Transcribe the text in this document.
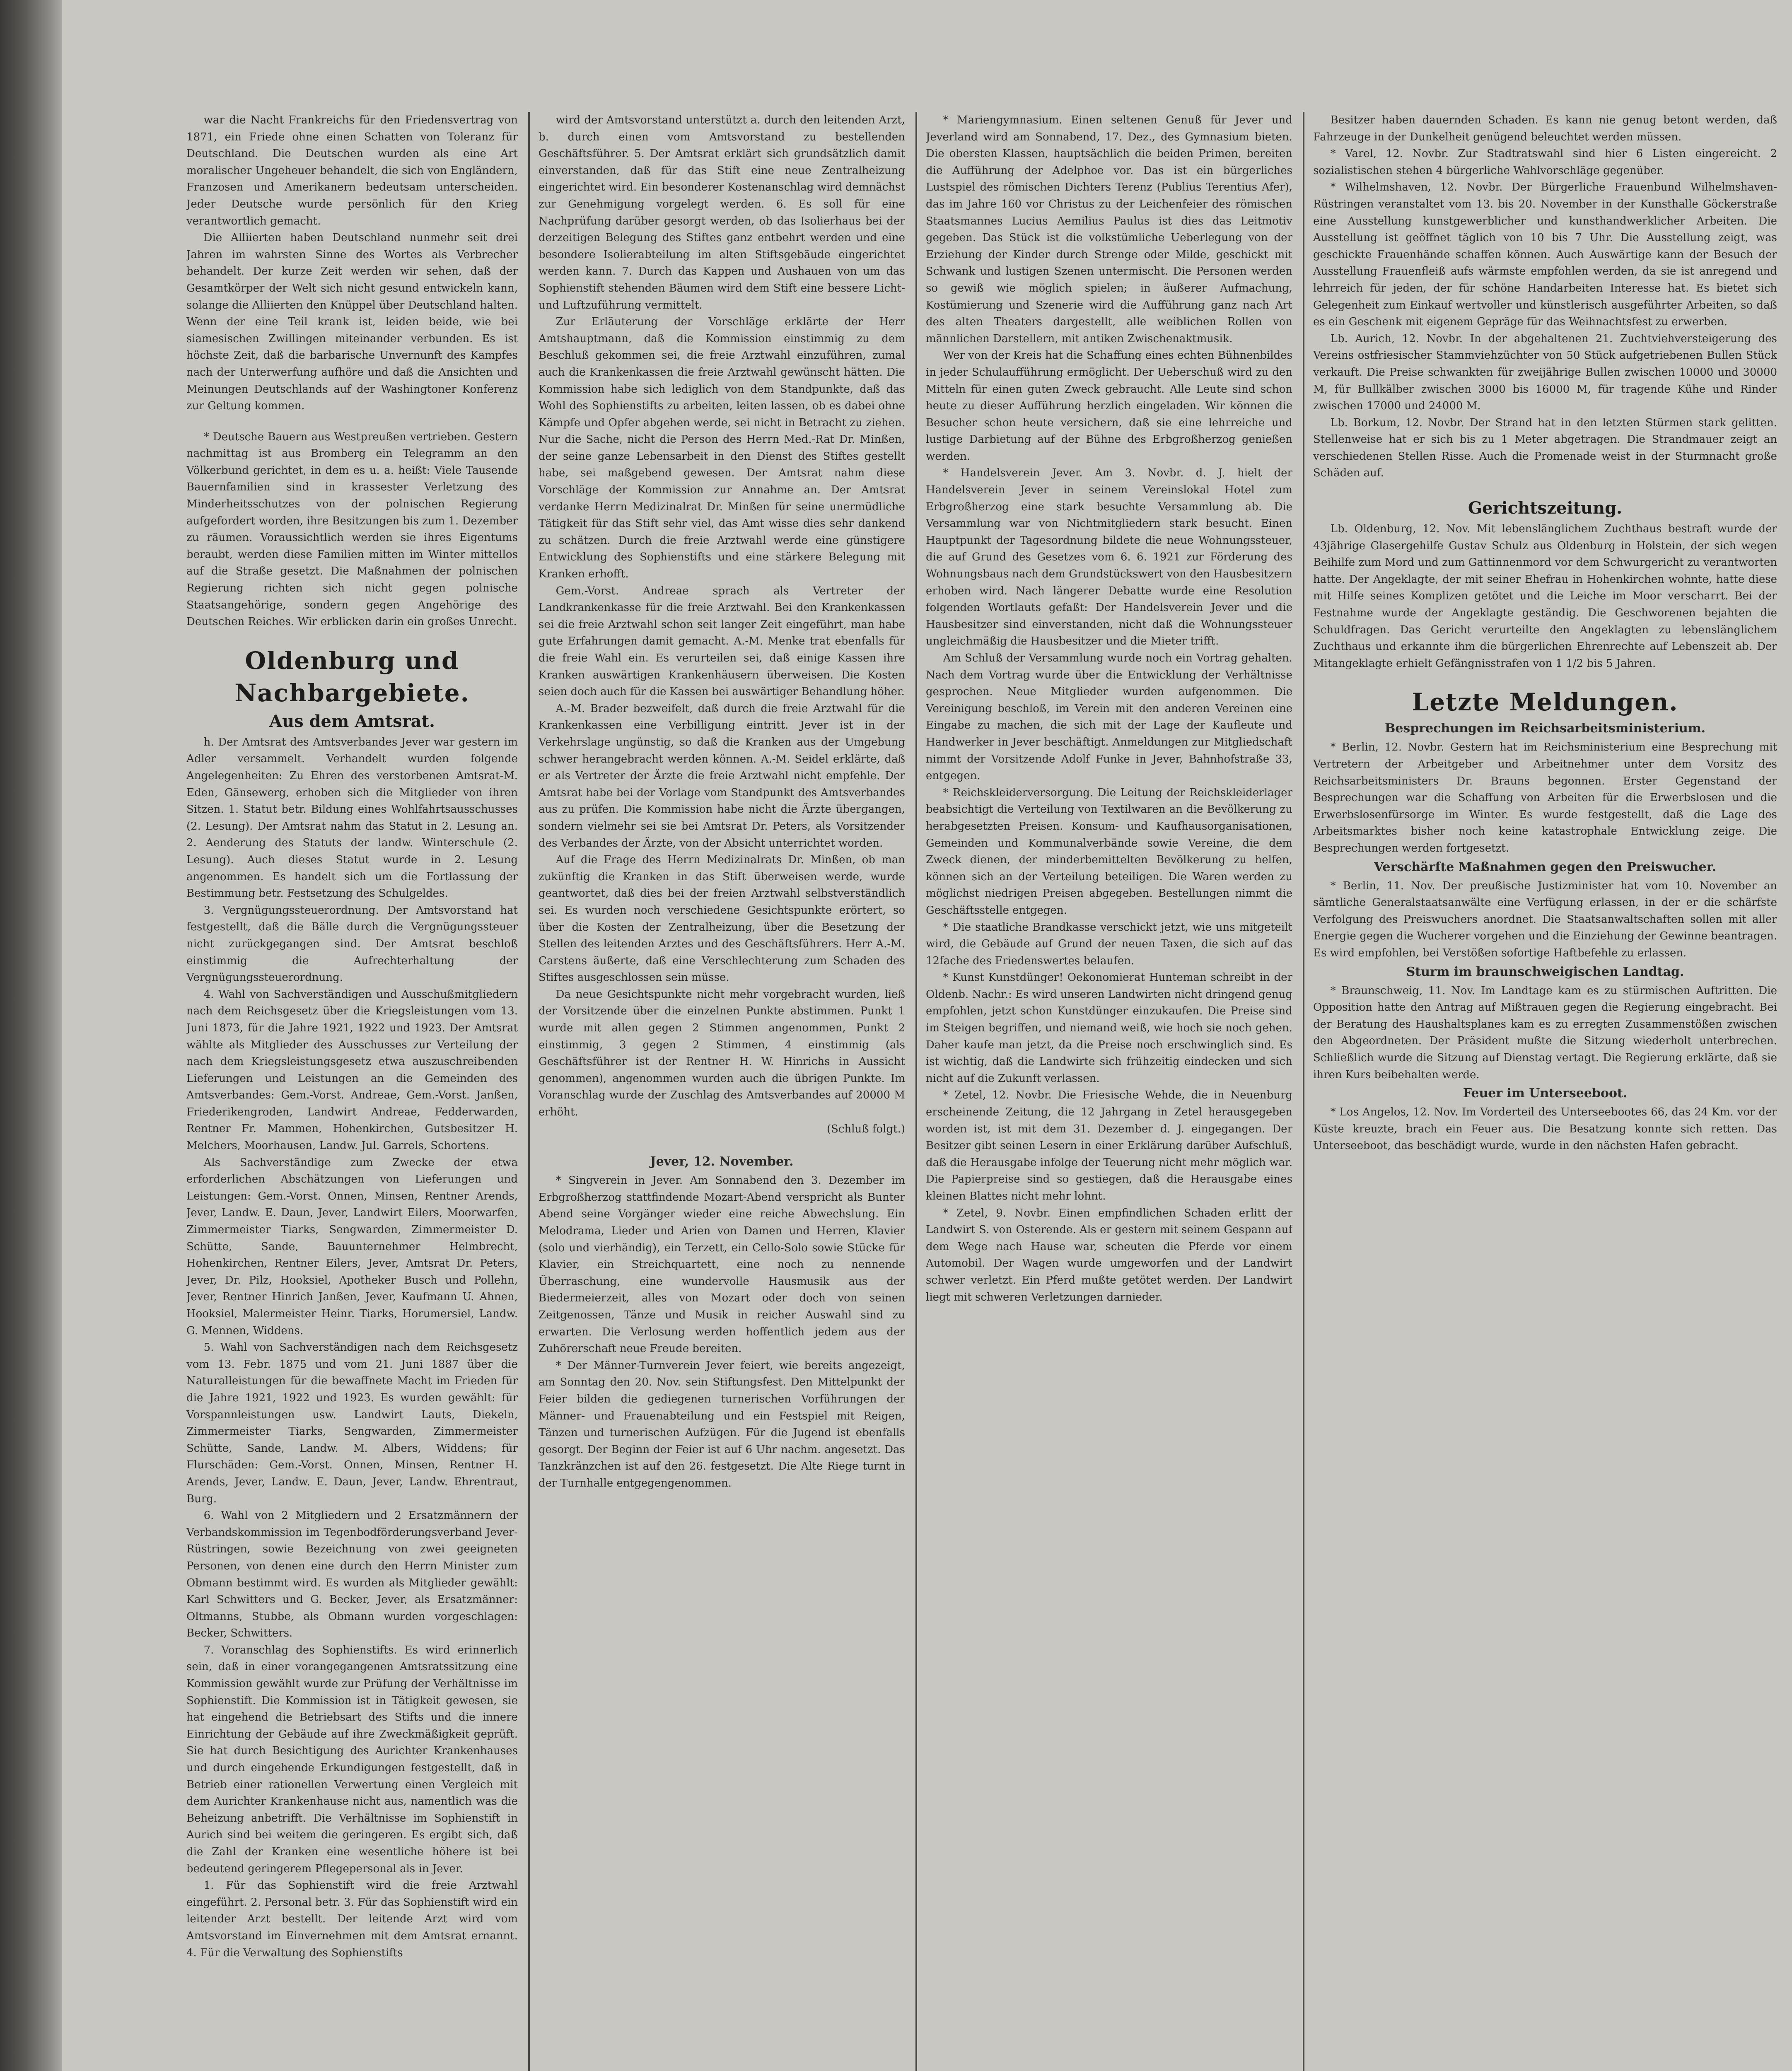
war die Nacht Frankreichs für den Friedensvertrag von 1871, ein Friede ohne einen Schatten von Toleranz für Deutschland. Die Deutschen wurden als eine Art moralischer Ungeheuer behandelt, die sich von Engländern, Franzosen und Amerikanern bedeutsam unterscheiden. Jeder Deutsche wurde persönlich für den Krieg verantwortlich gemacht.

Die Alliierten haben Deutschland nunmehr seit drei Jahren im wahrsten Sinne des Wortes als Verbrecher behandelt. Der kurze Zeit werden wir sehen, daß der Gesamtkörper der Welt sich nicht gesund entwickeln kann, solange die Alliierten den Knüppel über Deutschland halten. Wenn der eine Teil krank ist, leiden beide, wie bei siamesischen Zwillingen miteinander verbunden. Es ist höchste Zeit, daß die barbarische Unvernunft des Kampfes nach der Unterwerfung aufhöre und daß die Ansichten und Meinungen Deutschlands auf der Washingtoner Konferenz zur Geltung kommen.

* Deutsche Bauern aus Westpreußen vertrieben. Gestern nachmittag ist aus Bromberg ein Telegramm an den Völkerbund gerichtet, in dem es u. a. heißt: Viele Tausende Bauernfamilien sind in krassester Verletzung des Minderheitsschutzes von der polnischen Regierung aufgefordert worden, ihre Besitzungen bis zum 1. Dezember zu räumen. Voraussichtlich werden sie ihres Eigentums beraubt, werden diese Familien mitten im Winter mittellos auf die Straße gesetzt. Die Maßnahmen der polnischen Regierung richten sich nicht gegen polnische Staatsangehörige, sondern gegen Angehörige des Deutschen Reiches. Wir erblicken darin ein großes Unrecht.

Oldenburg und Nachbargebiete.
Aus dem Amtsrat.

h. Der Amtsrat des Amtsverbandes Jever war gestern im Adler versammelt. Verhandelt wurden folgende Angelegenheiten: Zu Ehren des verstorbenen Amtsrat-M. Eden, Gänsewerg, erhoben sich die Mitglieder von ihren Sitzen. 1. Statut betr. Bildung eines Wohlfahrtsausschusses (2. Lesung). Der Amtsrat nahm das Statut in 2. Lesung an. 2. Aenderung des Statuts der landw. Winterschule (2. Lesung). Auch dieses Statut wurde in 2. Lesung angenommen. Es handelt sich um die Fortlassung der Bestimmung betr. Festsetzung des Schulgeldes.

3. Vergnügungssteuerordnung. Der Amtsvorstand hat festgestellt, daß die Bälle durch die Vergnügungssteuer nicht zurückgegangen sind. Der Amtsrat beschloß einstimmig die Aufrechterhaltung der Vergnügungssteuerordnung.

4. Wahl von Sachverständigen und Ausschußmitgliedern nach dem Reichsgesetz über die Kriegsleistungen vom 13. Juni 1873, für die Jahre 1921, 1922 und 1923. Der Amtsrat wählte als Mitglieder des Ausschusses zur Verteilung der nach dem Kriegsleistungsgesetz etwa auszuschreibenden Lieferungen und Leistungen an die Gemeinden des Amtsverbandes: Gem.-Vorst. Andreae, Gem.-Vorst. Janßen, Friederikengroden, Landwirt Andreae, Fedderwarden, Rentner Fr. Mammen, Hohenkirchen, Gutsbesitzer H. Melchers, Moorhausen, Landw. Jul. Garrels, Schortens.

Als Sachverständige zum Zwecke der etwa erforderlichen Abschätzungen von Lieferungen und Leistungen: Gem.-Vorst. Onnen, Minsen, Rentner Arends, Jever, Landw. E. Daun, Jever, Landwirt Eilers, Moorwarfen, Zimmermeister Tiarks, Sengwarden, Zimmermeister D. Schütte, Sande, Bauunternehmer Helmbrecht, Hohenkirchen, Rentner Eilers, Jever, Amtsrat Dr. Peters, Jever, Dr. Pilz, Hooksiel, Apotheker Busch und Pollehn, Jever, Rentner Hinrich Janßen, Jever, Kaufmann U. Ahnen, Hooksiel, Malermeister Heinr. Tiarks, Horumersiel, Landw. G. Mennen, Widdens.

5. Wahl von Sachverständigen nach dem Reichsgesetz vom 13. Febr. 1875 und vom 21. Juni 1887 über die Naturalleistungen für die bewaffnete Macht im Frieden für die Jahre 1921, 1922 und 1923. Es wurden gewählt: für Vorspannleistungen usw. Landwirt Lauts, Diekeln, Zimmermeister Tiarks, Sengwarden, Zimmermeister Schütte, Sande, Landw. M. Albers, Widdens; für Flurschäden: Gem.-Vorst. Onnen, Minsen, Rentner H. Arends, Jever, Landw. E. Daun, Jever, Landw. Ehrentraut, Burg.

6. Wahl von 2 Mitgliedern und 2 Ersatzmännern der Verbandskommission im Tegenbodförderungsverband Jever-Rüstringen, sowie Bezeichnung von zwei geeigneten Personen, von denen eine durch den Herrn Minister zum Obmann bestimmt wird. Es wurden als Mitglieder gewählt: Karl Schwitters und G. Becker, Jever, als Ersatzmänner: Oltmanns, Stubbe, als Obmann wurden vorgeschlagen: Becker, Schwitters.

7. Voranschlag des Sophienstifts. Es wird erinnerlich sein, daß in einer vorangegangenen Amtsratssitzung eine Kommission gewählt wurde zur Prüfung der Verhältnisse im Sophienstift. Die Kommission ist in Tätigkeit gewesen, sie hat eingehend die Betriebsart des Stifts und die innere Einrichtung der Gebäude auf ihre Zweckmäßigkeit geprüft. Sie hat durch Besichtigung des Aurichter Krankenhauses und durch eingehende Erkundigungen festgestellt, daß in Betrieb einer rationellen Verwertung einen Vergleich mit dem Aurichter Krankenhause nicht aus, namentlich was die Beheizung anbetrifft. Die Verhältnisse im Sophienstift in Aurich sind bei weitem die geringeren. Es ergibt sich, daß die Zahl der Kranken eine wesentliche höhere ist bei bedeutend geringerem Pflegepersonal als in Jever.

1. Für das Sophienstift wird die freie Arztwahl eingeführt. 2. Personal betr. 3. Für das Sophienstift wird ein leitender Arzt bestellt. Der leitende Arzt wird vom Amtsvorstand im Einvernehmen mit dem Amtsrat ernannt. 4. Für die Verwaltung des Sophienstifts

wird der Amtsvorstand unterstützt a. durch den leitenden Arzt, b. durch einen vom Amtsvorstand zu bestellenden Geschäftsführer. 5. Der Amtsrat erklärt sich grundsätzlich damit einverstanden, daß für das Stift eine neue Zentralheizung eingerichtet wird. Ein besonderer Kostenanschlag wird demnächst zur Genehmigung vorgelegt werden. 6. Es soll für eine Nachprüfung darüber gesorgt werden, ob das Isolierhaus bei der derzeitigen Belegung des Stiftes ganz entbehrt werden und eine besondere Isolierabteilung im alten Stiftsgebäude eingerichtet werden kann. 7. Durch das Kappen und Aushauen von um das Sophienstift stehenden Bäumen wird dem Stift eine bessere Licht- und Luftzuführung vermittelt.

Zur Erläuterung der Vorschläge erklärte der Herr Amtshauptmann, daß die Kommission einstimmig zu dem Beschluß gekommen sei, die freie Arztwahl einzuführen, zumal auch die Krankenkassen die freie Arztwahl gewünscht hätten. Die Kommission habe sich lediglich von dem Standpunkte, daß das Wohl des Sophienstifts zu arbeiten, leiten lassen, ob es dabei ohne Kämpfe und Opfer abgehen werde, sei nicht in Betracht zu ziehen. Nur die Sache, nicht die Person des Herrn Med.-Rat Dr. Minßen, der seine ganze Lebensarbeit in den Dienst des Stiftes gestellt habe, sei maßgebend gewesen. Der Amtsrat nahm diese Vorschläge der Kommission zur Annahme an. Der Amtsrat verdanke Herrn Medizinalrat Dr. Minßen für seine unermüdliche Tätigkeit für das Stift sehr viel, das Amt wisse dies sehr dankend zu schätzen. Durch die freie Arztwahl werde eine günstigere Entwicklung des Sophienstifts und eine stärkere Belegung mit Kranken erhofft.

Gem.-Vorst. Andreae sprach als Vertreter der Landkrankenkasse für die freie Arztwahl. Bei den Krankenkassen sei die freie Arztwahl schon seit langer Zeit eingeführt, man habe gute Erfahrungen damit gemacht. A.-M. Menke trat ebenfalls für die freie Wahl ein. Es verurteilen sei, daß einige Kassen ihre Kranken auswärtigen Krankenhäusern überweisen. Die Kosten seien doch auch für die Kassen bei auswärtiger Behandlung höher.

A.-M. Brader bezweifelt, daß durch die freie Arztwahl für die Krankenkassen eine Verbilligung eintritt. Jever ist in der Verkehrslage ungünstig, so daß die Kranken aus der Umgebung schwer herangebracht werden können. A.-M. Seidel erklärte, daß er als Vertreter der Ärzte die freie Arztwahl nicht empfehle. Der Amtsrat habe bei der Vorlage vom Standpunkt des Amtsverbandes aus zu prüfen. Die Kommission habe nicht die Ärzte übergangen, sondern vielmehr sei sie bei Amtsrat Dr. Peters, als Vorsitzender des Verbandes der Ärzte, von der Absicht unterrichtet worden.

Auf die Frage des Herrn Medizinalrats Dr. Minßen, ob man zukünftig die Kranken in das Stift überweisen werde, wurde geantwortet, daß dies bei der freien Arztwahl selbstverständlich sei. Es wurden noch verschiedene Gesichtspunkte erörtert, so über die Kosten der Zentralheizung, über die Besetzung der Stellen des leitenden Arztes und des Geschäftsführers. Herr A.-M. Carstens äußerte, daß eine Verschlechterung zum Schaden des Stiftes ausgeschlossen sein müsse.

Da neue Gesichtspunkte nicht mehr vorgebracht wurden, ließ der Vorsitzende über die einzelnen Punkte abstimmen. Punkt 1 wurde mit allen gegen 2 Stimmen angenommen, Punkt 2 einstimmig, 3 gegen 2 Stimmen, 4 einstimmig (als Geschäftsführer ist der Rentner H. W. Hinrichs in Aussicht genommen), angenommen wurden auch die übrigen Punkte. Im Voranschlag wurde der Zuschlag des Amtsverbandes auf 20000 M erhöht.

(Schluß folgt.)
Jever, 12. November.

* Singverein in Jever. Am Sonnabend den 3. Dezember im Erbgroßherzog stattfindende Mozart-Abend verspricht als Bunter Abend seine Vorgänger wieder eine reiche Abwechslung. Ein Melodrama, Lieder und Arien von Damen und Herren, Klavier (solo und vierhändig), ein Terzett, ein Cello-Solo sowie Stücke für Klavier, ein Streichquartett, eine noch zu nennende Überraschung, eine wundervolle Hausmusik aus der Biedermeierzeit, alles von Mozart oder doch von seinen Zeitgenossen, Tänze und Musik in reicher Auswahl sind zu erwarten. Die Verlosung werden hoffentlich jedem aus der Zuhörerschaft neue Freude bereiten.

* Der Männer-Turnverein Jever feiert, wie bereits angezeigt, am Sonntag den 20. Nov. sein Stiftungsfest. Den Mittelpunkt der Feier bilden die gediegenen turnerischen Vorführungen der Männer- und Frauenabteilung und ein Festspiel mit Reigen, Tänzen und turnerischen Aufzügen. Für die Jugend ist ebenfalls gesorgt. Der Beginn der Feier ist auf 6 Uhr nachm. angesetzt. Das Tanzkränzchen ist auf den 26. festgesetzt. Die Alte Riege turnt in der Turnhalle entgegengenommen.

* Mariengymnasium. Einen seltenen Genuß für Jever und Jeverland wird am Sonnabend, 17. Dez., des Gymnasium bieten. Die obersten Klassen, hauptsächlich die beiden Primen, bereiten die Aufführung der Adelphoe vor. Das ist ein bürgerliches Lustspiel des römischen Dichters Terenz (Publius Terentius Afer), das im Jahre 160 vor Christus zu der Leichenfeier des römischen Staatsmannes Lucius Aemilius Paulus ist dies das Leitmotiv gegeben. Das Stück ist die volkstümliche Ueberlegung von der Erziehung der Kinder durch Strenge oder Milde, geschickt mit Schwank und lustigen Szenen untermischt. Die Personen werden so gewiß wie möglich spielen; in äußerer Aufmachung, Kostümierung und Szenerie wird die Aufführung ganz nach Art des alten Theaters dargestellt, alle weiblichen Rollen von männlichen Darstellern, mit antiken Zwischenaktmusik.

Wer von der Kreis hat die Schaffung eines echten Bühnenbildes in jeder Schulaufführung ermöglicht. Der Ueberschuß wird zu den Mitteln für einen guten Zweck gebraucht. Alle Leute sind schon heute zu dieser Aufführung herzlich eingeladen. Wir können die Besucher schon heute versichern, daß sie eine lehrreiche und lustige Darbietung auf der Bühne des Erbgroßherzog genießen werden.

* Handelsverein Jever. Am 3. Novbr. d. J. hielt der Handelsverein Jever in seinem Vereinslokal Hotel zum Erbgroßherzog eine stark besuchte Versammlung ab. Die Versammlung war von Nichtmitgliedern stark besucht. Einen Hauptpunkt der Tagesordnung bildete die neue Wohnungssteuer, die auf Grund des Gesetzes vom 6. 6. 1921 zur Förderung des Wohnungsbaus nach dem Grundstückswert von den Hausbesitzern erhoben wird. Nach längerer Debatte wurde eine Resolution folgenden Wortlauts gefaßt: Der Handelsverein Jever und die Hausbesitzer sind einverstanden, nicht daß die Wohnungssteuer ungleichmäßig die Hausbesitzer und die Mieter trifft.

Am Schluß der Versammlung wurde noch ein Vortrag gehalten. Nach dem Vortrag wurde über die Entwicklung der Verhältnisse gesprochen. Neue Mitglieder wurden aufgenommen. Die Vereinigung beschloß, im Verein mit den anderen Vereinen eine Eingabe zu machen, die sich mit der Lage der Kaufleute und Handwerker in Jever beschäftigt. Anmeldungen zur Mitgliedschaft nimmt der Vorsitzende Adolf Funke in Jever, Bahnhofstraße 33, entgegen.

* Reichskleiderversorgung. Die Leitung der Reichskleiderlager beabsichtigt die Verteilung von Textilwaren an die Bevölkerung zu herabgesetzten Preisen. Konsum- und Kaufhausorganisationen, Gemeinden und Kommunalverbände sowie Vereine, die dem Zweck dienen, der minderbemittelten Bevölkerung zu helfen, können sich an der Verteilung beteiligen. Die Waren werden zu möglichst niedrigen Preisen abgegeben. Bestellungen nimmt die Geschäftsstelle entgegen.

* Die staatliche Brandkasse verschickt jetzt, wie uns mitgeteilt wird, die Gebäude auf Grund der neuen Taxen, die sich auf das 12fache des Friedenswertes belaufen.

* Kunst Kunstdünger! Oekonomierat Hunteman schreibt in der Oldenb. Nachr.: Es wird unseren Landwirten nicht dringend genug empfohlen, jetzt schon Kunstdünger einzukaufen. Die Preise sind im Steigen begriffen, und niemand weiß, wie hoch sie noch gehen. Daher kaufe man jetzt, da die Preise noch erschwinglich sind. Es ist wichtig, daß die Landwirte sich frühzeitig eindecken und sich nicht auf die Zukunft verlassen.

* Zetel, 12. Novbr. Die Friesische Wehde, die in Neuenburg erscheinende Zeitung, die 12 Jahrgang in Zetel herausgegeben worden ist, ist mit dem 31. Dezember d. J. eingegangen. Der Besitzer gibt seinen Lesern in einer Erklärung darüber Aufschluß, daß die Herausgabe infolge der Teuerung nicht mehr möglich war. Die Papierpreise sind so gestiegen, daß die Herausgabe eines kleinen Blattes nicht mehr lohnt.

* Zetel, 9. Novbr. Einen empfindlichen Schaden erlitt der Landwirt S. von Osterende. Als er gestern mit seinem Gespann auf dem Wege nach Hause war, scheuten die Pferde vor einem Automobil. Der Wagen wurde umgeworfen und der Landwirt schwer verletzt. Ein Pferd mußte getötet werden. Der Landwirt liegt mit schweren Verletzungen darnieder.

Besitzer haben dauernden Schaden. Es kann nie genug betont werden, daß Fahrzeuge in der Dunkelheit genügend beleuchtet werden müssen.

* Varel, 12. Novbr. Zur Stadtratswahl sind hier 6 Listen eingereicht. 2 sozialistischen stehen 4 bürgerliche Wahlvorschläge gegenüber.

* Wilhelmshaven, 12. Novbr. Der Bürgerliche Frauenbund Wilhelmshaven-Rüstringen veranstaltet vom 13. bis 20. November in der Kunsthalle Göckerstraße eine Ausstellung kunstgewerblicher und kunsthandwerklicher Arbeiten. Die Ausstellung ist geöffnet täglich von 10 bis 7 Uhr. Die Ausstellung zeigt, was geschickte Frauenhände schaffen können. Auch Auswärtige kann der Besuch der Ausstellung Frauenfleiß aufs wärmste empfohlen werden, da sie ist anregend und lehrreich für jeden, der für schöne Handarbeiten Interesse hat. Es bietet sich Gelegenheit zum Einkauf wertvoller und künstlerisch ausgeführter Arbeiten, so daß es ein Geschenk mit eigenem Gepräge für das Weihnachtsfest zu erwerben.

Lb. Aurich, 12. Novbr. In der abgehaltenen 21. Zuchtviehversteigerung des Vereins ostfriesischer Stammviehzüchter von 50 Stück aufgetriebenen Bullen Stück verkauft. Die Preise schwankten für zweijährige Bullen zwischen 10000 und 30000 M, für Bullkälber zwischen 3000 bis 16000 M, für tragende Kühe und Rinder zwischen 17000 und 24000 M.

Lb. Borkum, 12. Novbr. Der Strand hat in den letzten Stürmen stark gelitten. Stellenweise hat er sich bis zu 1 Meter abgetragen. Die Strandmauer zeigt an verschiedenen Stellen Risse. Auch die Promenade weist in der Sturmnacht große Schäden auf.

Gerichtszeitung.

Lb. Oldenburg, 12. Nov. Mit lebenslänglichem Zuchthaus bestraft wurde der 43jährige Glasergehilfe Gustav Schulz aus Oldenburg in Holstein, der sich wegen Beihilfe zum Mord und zum Gattinnenmord vor dem Schwurgericht zu verantworten hatte. Der Angeklagte, der mit seiner Ehefrau in Hohenkirchen wohnte, hatte diese mit Hilfe seines Komplizen getötet und die Leiche im Moor verscharrt. Bei der Festnahme wurde der Angeklagte geständig. Die Geschworenen bejahten die Schuldfragen. Das Gericht verurteilte den Angeklagten zu lebenslänglichem Zuchthaus und erkannte ihm die bürgerlichen Ehrenrechte auf Lebenszeit ab. Der Mitangeklagte erhielt Gefängnisstrafen von 1 1/2 bis 5 Jahren.

Letzte Meldungen.
Besprechungen im Reichsarbeitsministerium.

* Berlin, 12. Novbr. Gestern hat im Reichsministerium eine Besprechung mit Vertretern der Arbeitgeber und Arbeitnehmer unter dem Vorsitz des Reichsarbeitsministers Dr. Brauns begonnen. Erster Gegenstand der Besprechungen war die Schaffung von Arbeiten für die Erwerbslosen und die Erwerbslosenfürsorge im Winter. Es wurde festgestellt, daß die Lage des Arbeitsmarktes bisher noch keine katastrophale Entwicklung zeige. Die Besprechungen werden fortgesetzt.

Verschärfte Maßnahmen gegen den Preiswucher.

* Berlin, 11. Nov. Der preußische Justizminister hat vom 10. November an sämtliche Generalstaatsanwälte eine Verfügung erlassen, in der er die schärfste Verfolgung des Preiswuchers anordnet. Die Staatsanwaltschaften sollen mit aller Energie gegen die Wucherer vorgehen und die Einziehung der Gewinne beantragen. Es wird empfohlen, bei Verstößen sofortige Haftbefehle zu erlassen.

Sturm im braunschweigischen Landtag.

* Braunschweig, 11. Nov. Im Landtage kam es zu stürmischen Auftritten. Die Opposition hatte den Antrag auf Mißtrauen gegen die Regierung eingebracht. Bei der Beratung des Haushaltsplanes kam es zu erregten Zusammenstößen zwischen den Abgeordneten. Der Präsident mußte die Sitzung wiederholt unterbrechen. Schließlich wurde die Sitzung auf Dienstag vertagt. Die Regierung erklärte, daß sie ihren Kurs beibehalten werde.

Feuer im Unterseeboot.

* Los Angelos, 12. Nov. Im Vorderteil des Unterseebootes 66, das 24 Km. vor der Küste kreuzte, brach ein Feuer aus. Die Besatzung konnte sich retten. Das Unterseeboot, das beschädigt wurde, wurde in den nächsten Hafen gebracht.
